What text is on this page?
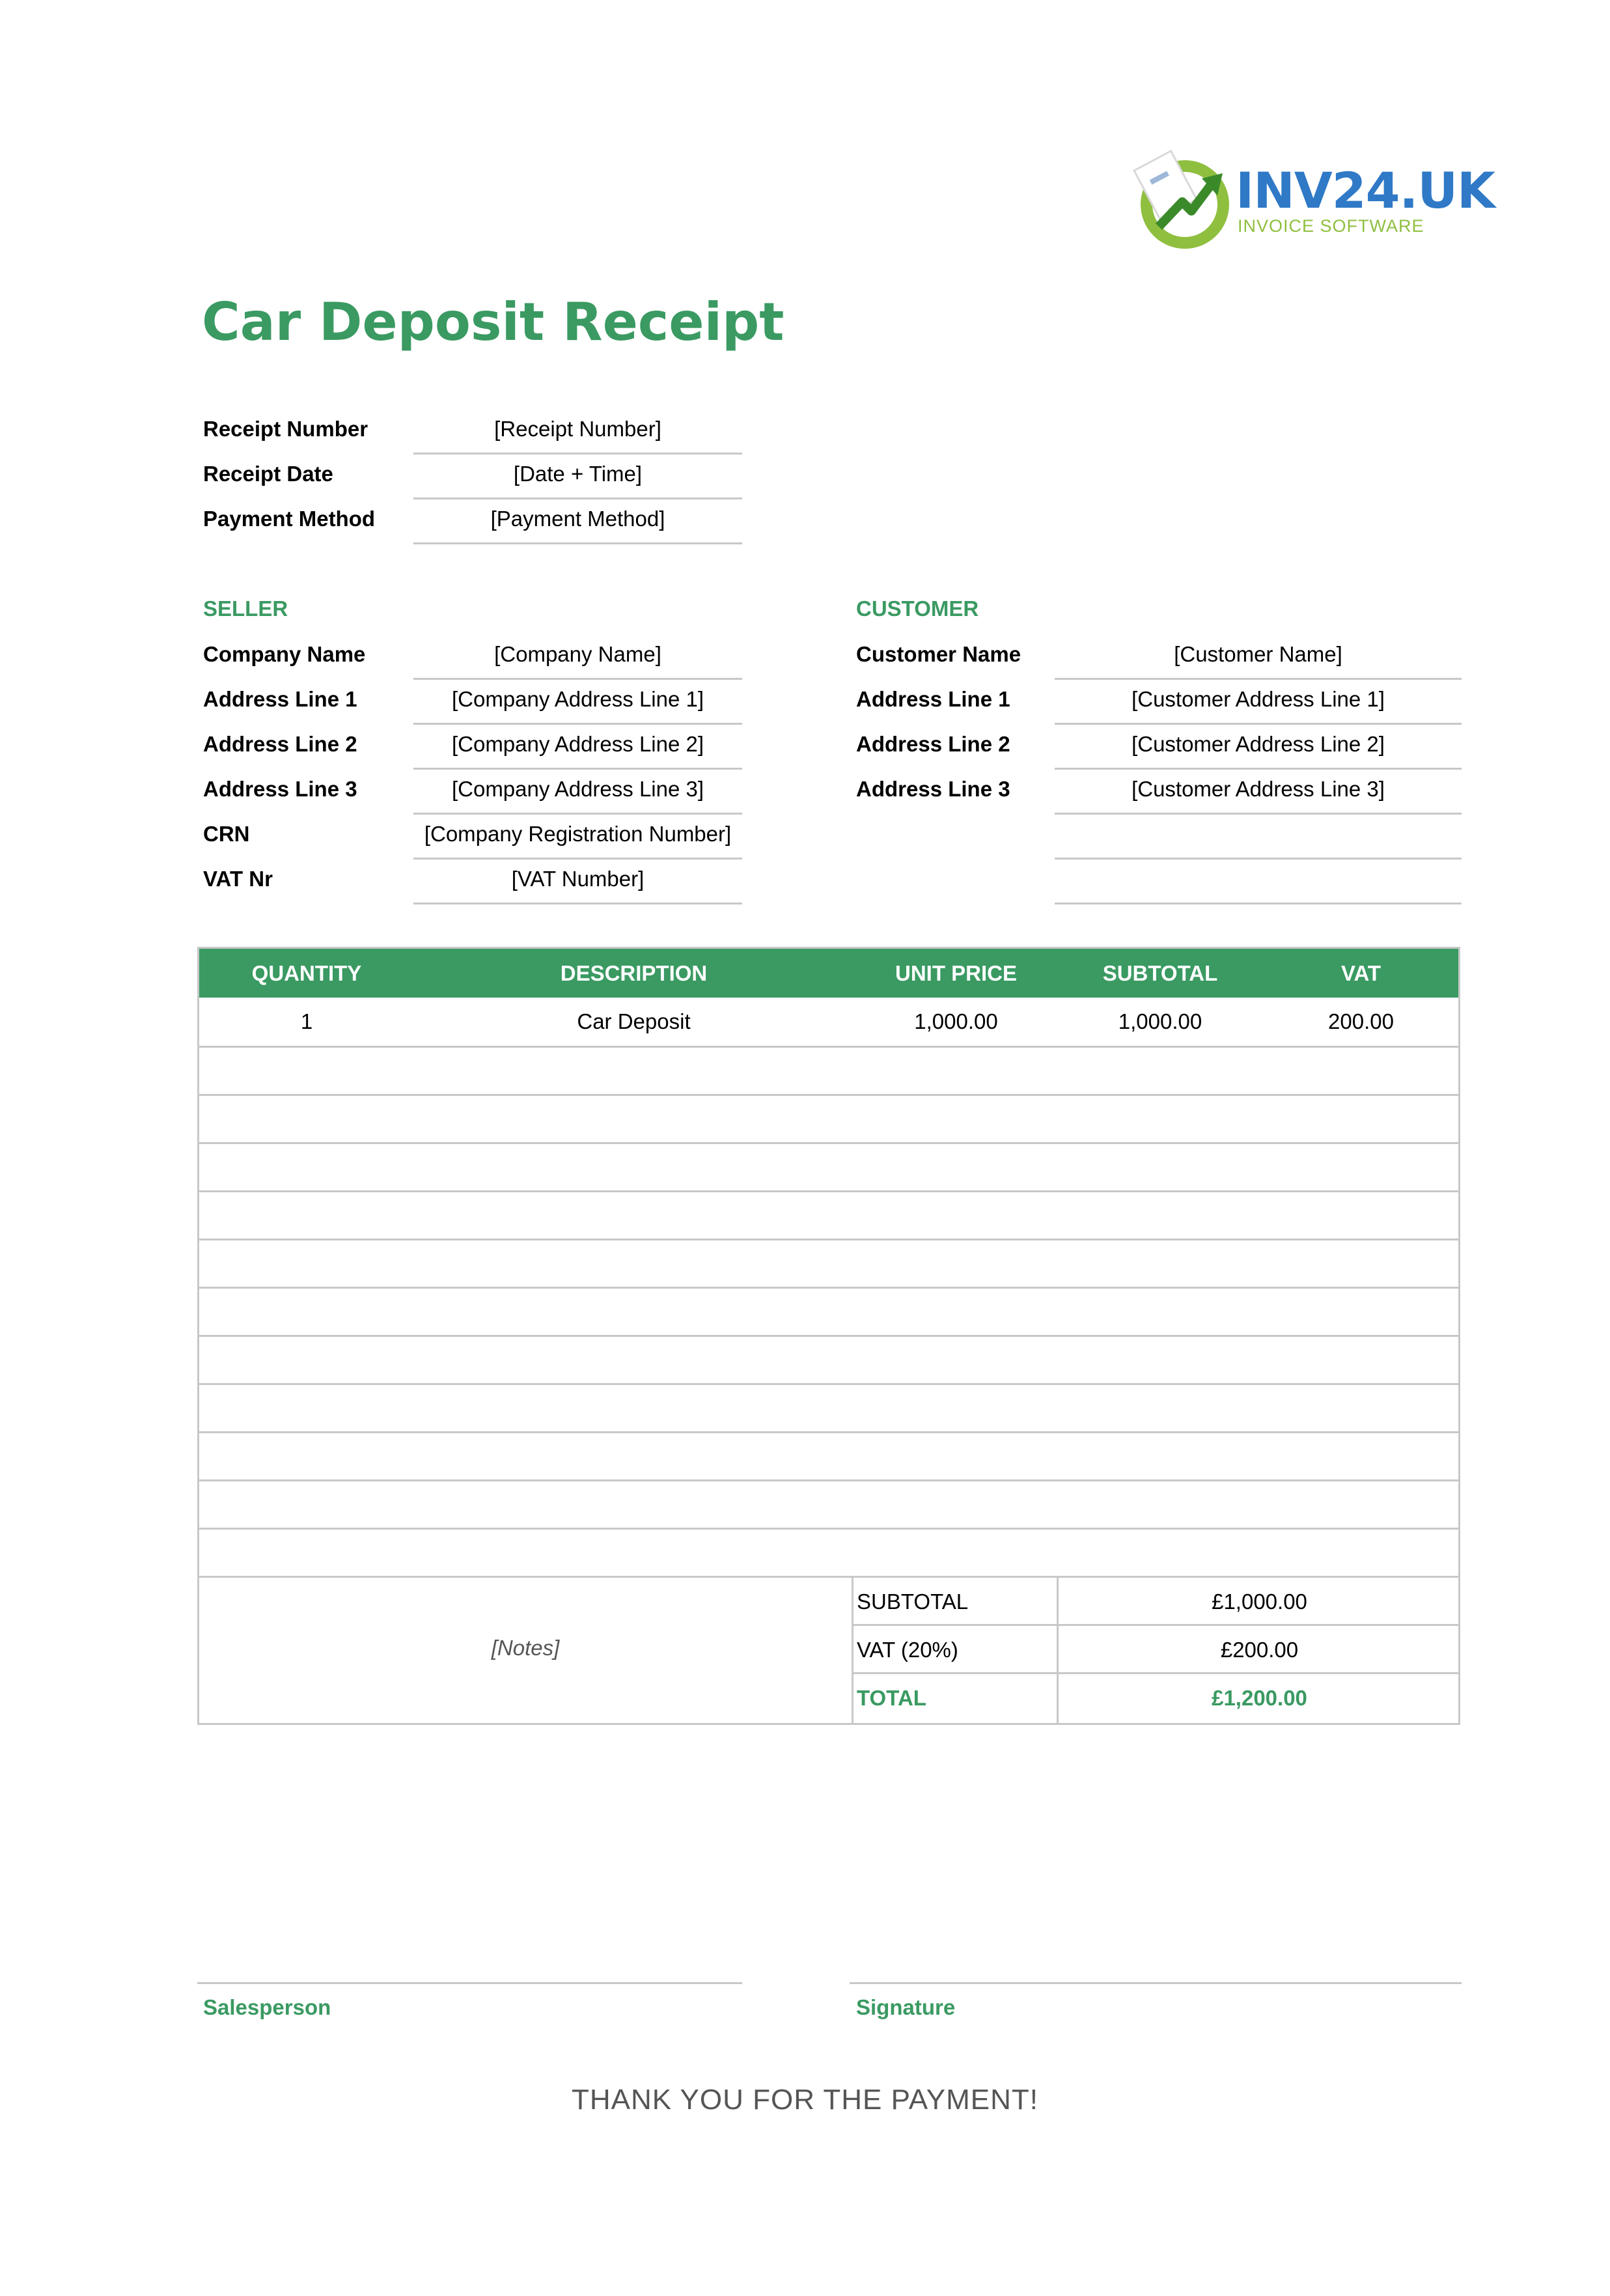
INV24.UK
INVOICE SOFTWARE
Car Deposit Receipt
Receipt Number	[Receipt Number]
Receipt Date	[Date + Time]
Payment Method	[Payment Method]
SELLER
Company Name	[Company Name]
Address Line 1	[Company Address Line 1]
Address Line 2	[Company Address Line 2]
Address Line 3	[Company Address Line 3]
CRN	[Company Registration Number]
VAT Nr	[VAT Number]
CUSTOMER
Customer Name	[Customer Name]
Address Line 1	[Customer Address Line 1]
Address Line 2	[Customer Address Line 2]
Address Line 3	[Customer Address Line 3]
QUANTITY	DESCRIPTION	UNIT PRICE	SUBTOTAL	VAT
1	Car Deposit	1,000.00	1,000.00	200.00
[Notes]
SUBTOTAL	£1,000.00
VAT (20%)	£200.00
TOTAL	£1,200.00
Salesperson	Signature
THANK YOU FOR THE PAYMENT!
